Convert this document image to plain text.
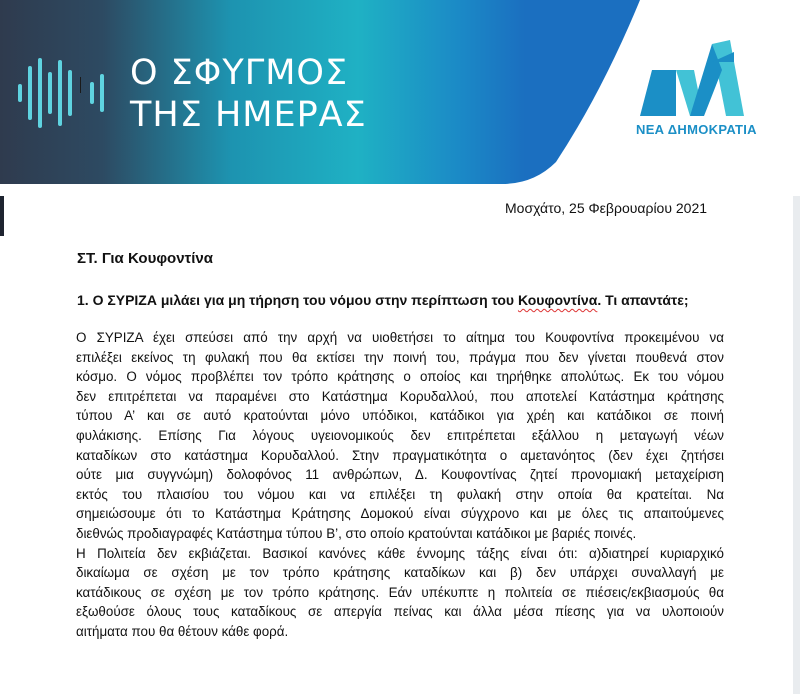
Ο ΣΦΥΓΜΟΣ
ΤΗΣ ΗΜΕΡΑΣ	ΝΕΑ ΔΗΜΟΚΡΑΤΙΑ
Μοσχάτο, 25 Φεβρουαρίου 2021
ΣΤ. Για Κουφοντίνα
1. Ο ΣΥΡΙΖΑ μιλάει για μη τήρηση του νόμου στην περίπτωση του Κουφοντίνα. Τι απαντάτε;
Ο ΣΥΡΙΖΑ έχει σπεύσει από την αρχή να υιοθετήσει το αίτημα του Κουφοντίνα προκειμένου να
επιλέξει εκείνος τη φυλακή που θα εκτίσει την ποινή του, πράγμα που δεν γίνεται πουθενά στον
κόσμο. Ο νόμος προβλέπει τον τρόπο κράτησης ο οποίος και τηρήθηκε απολύτως. Εκ του νόμου
δεν επιτρέπεται να παραμένει στο Κατάστημα Κορυδαλλού, που αποτελεί Κατάστημα κράτησης
τύπου Α’ και σε αυτό κρατούνται μόνο υπόδικοι, κατάδικοι για χρέη και κατάδικοι σε ποινή
φυλάκισης. Επίσης Για λόγους υγειονομικούς δεν επιτρέπεται εξάλλου η μεταγωγή νέων
καταδίκων στο κατάστημα Κορυδαλλού. Στην πραγματικότητα ο αμετανόητος (δεν έχει ζητήσει
ούτε μια συγγνώμη) δολοφόνος 11 ανθρώπων, Δ. Κουφοντίνας ζητεί προνομιακή μεταχείριση
εκτός του πλαισίου του νόμου και να επιλέξει τη φυλακή στην οποία θα κρατείται. Να
σημειώσουμε ότι το Κατάστημα Κράτησης Δομοκού είναι σύγχρονο και με όλες τις απαιτούμενες
διεθνώς προδιαγραφές Κατάστημα τύπου Β’, στο οποίο κρατούνται κατάδικοι με βαριές ποινές.
Η Πολιτεία δεν εκβιάζεται. Βασικοί κανόνες κάθε έννομης τάξης είναι ότι: α)διατηρεί κυριαρχικό
δικαίωμα σε σχέση με τον τρόπο κράτησης καταδίκων και β) δεν υπάρχει συναλλαγή με
κατάδικους σε σχέση με τον τρόπο κράτησης. Εάν υπέκυπτε η πολιτεία σε πιέσεις/εκβιασμούς θα
εξωθούσε όλους τους καταδίκους σε απεργία πείνας και άλλα μέσα πίεσης για να υλοποιούν
αιτήματα που θα θέτουν κάθε φορά.
